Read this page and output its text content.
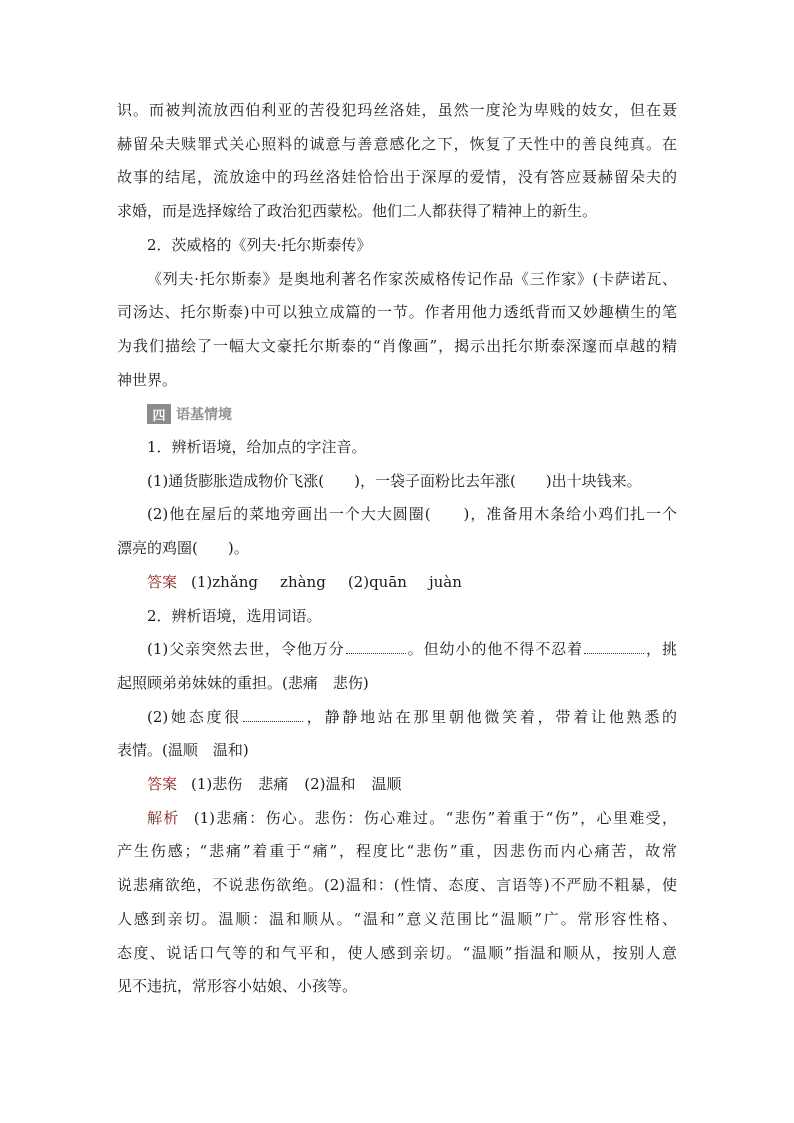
识。而被判流放西伯利亚的苦役犯玛丝洛娃，虽然一度沦为卑贱的妓女，但在聂

赫留朵夫赎罪式关心照料的诚意与善意感化之下，恢复了天性中的善良纯真。在

故事的结尾，流放途中的玛丝洛娃恰恰出于深厚的爱情，没有答应聂赫留朵夫的

求婚，而是选择嫁给了政治犯西蒙松。他们二人都获得了精神上的新生。

2．茨威格的《列夫·托尔斯泰传》

《列夫·托尔斯泰》是奥地利著名作家茨威格传记作品《三作家》(卡萨诺瓦、

司汤达、托尔斯泰)中可以独立成篇的一节。作者用他力透纸背而又妙趣横生的笔

为我们描绘了一幅大文豪托尔斯泰的“肖像画”，揭示出托尔斯泰深邃而卓越的精

神世界。

四 语基情境

1．辨析语境，给加点的字注音。

(1)通货膨胀造成物价飞涨(　　)，一袋子面粉比去年涨(　　)出十块钱来。

(2)他在屋后的菜地旁画出一个大大圆圈(　　)，准备用木条给小鸡们扎一个

漂亮的鸡圈(　　)。

答案 (1)zhǎng zhàng (2)quān juàn

2．辨析语境，选用词语。

(1)父亲突然去世，令他万分	。但幼小的他不得不忍着	，挑

起照顾弟弟妹妹的重担。(悲痛　悲伤)

(2)她态度很	，静静地站在那里朝他微笑着，带着让他熟悉的

表情。(温顺　温和)

答案 (1)悲伤 悲痛 (2)温和 温顺

解析 (1)悲痛：伤心。悲伤：伤心难过。“悲伤”着重于“伤”，心里难受，

产生伤感；“悲痛”着重于“痛”，程度比“悲伤”重，因悲伤而内心痛苦，故常

说悲痛欲绝，不说悲伤欲绝。(2)温和：(性情、态度、言语等)不严励不粗暴，使

人感到亲切。温顺：温和顺从。“温和”意义范围比“温顺”广。常形容性格、

态度、说话口气等的和气平和，使人感到亲切。“温顺”指温和顺从，按别人意

见不违抗，常形容小姑娘、小孩等。
